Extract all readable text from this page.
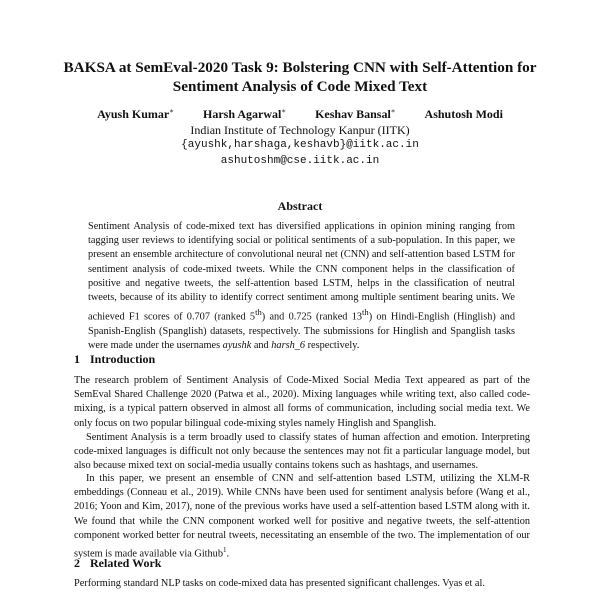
BAKSA at SemEval-2020 Task 9: Bolstering CNN with Self-Attention for
Sentiment Analysis of Code Mixed Text
Ayush Kumar∗ Harsh Agarwal∗ Keshav Bansal∗ Ashutosh Modi
Indian Institute of Technology Kanpur (IITK)
{ayushk,harshaga,keshavb}@iitk.ac.in
ashutoshm@cse.iitk.ac.in
Abstract

Sentiment Analysis of code-mixed text has diversified applications in opinion mining ranging from tagging user reviews to identifying social or political sentiments of a sub-population. In this paper, we present an ensemble architecture of convolutional neural net (CNN) and self-attention based LSTM for sentiment analysis of code-mixed tweets. While the CNN component helps in the classification of positive and negative tweets, the self-attention based LSTM, helps in the classification of neutral tweets, because of its ability to identify correct sentiment among multiple sentiment bearing units. We achieved F1 scores of 0.707 (ranked 5th) and 0.725 (ranked 13th) on Hindi-English (Hinglish) and Spanish-English (Spanglish) datasets, respectively. The submissions for Hinglish and Spanglish tasks were made under the usernames ayushk and harsh_6 respectively.

1 Introduction

The research problem of Sentiment Analysis of Code-Mixed Social Media Text appeared as part of the SemEval Shared Challenge 2020 (Patwa et al., 2020). Mixing languages while writing text, also called code-mixing, is a typical pattern observed in almost all forms of communication, including social media text. We only focus on two popular bilingual code-mixing styles namely Hinglish and Spanglish.

Sentiment Analysis is a term broadly used to classify states of human affection and emotion. Interpreting code-mixed languages is difficult not only because the sentences may not fit a particular language model, but also because mixed text on social-media usually contains tokens such as hashtags, and usernames.

In this paper, we present an ensemble of CNN and self-attention based LSTM, utilizing the XLM-R embeddings (Conneau et al., 2019). While CNNs have been used for sentiment analysis before (Wang et al., 2016; Yoon and Kim, 2017), none of the previous works have used a self-attention based LSTM along with it. We found that while the CNN component worked well for positive and negative tweets, the self-attention component worked better for neutral tweets, necessitating an ensemble of the two. The implementation of our system is made available via Github$^1$.

2 Related Work

Performing standard NLP tasks on code-mixed data has presented significant challenges. Vyas et al.
